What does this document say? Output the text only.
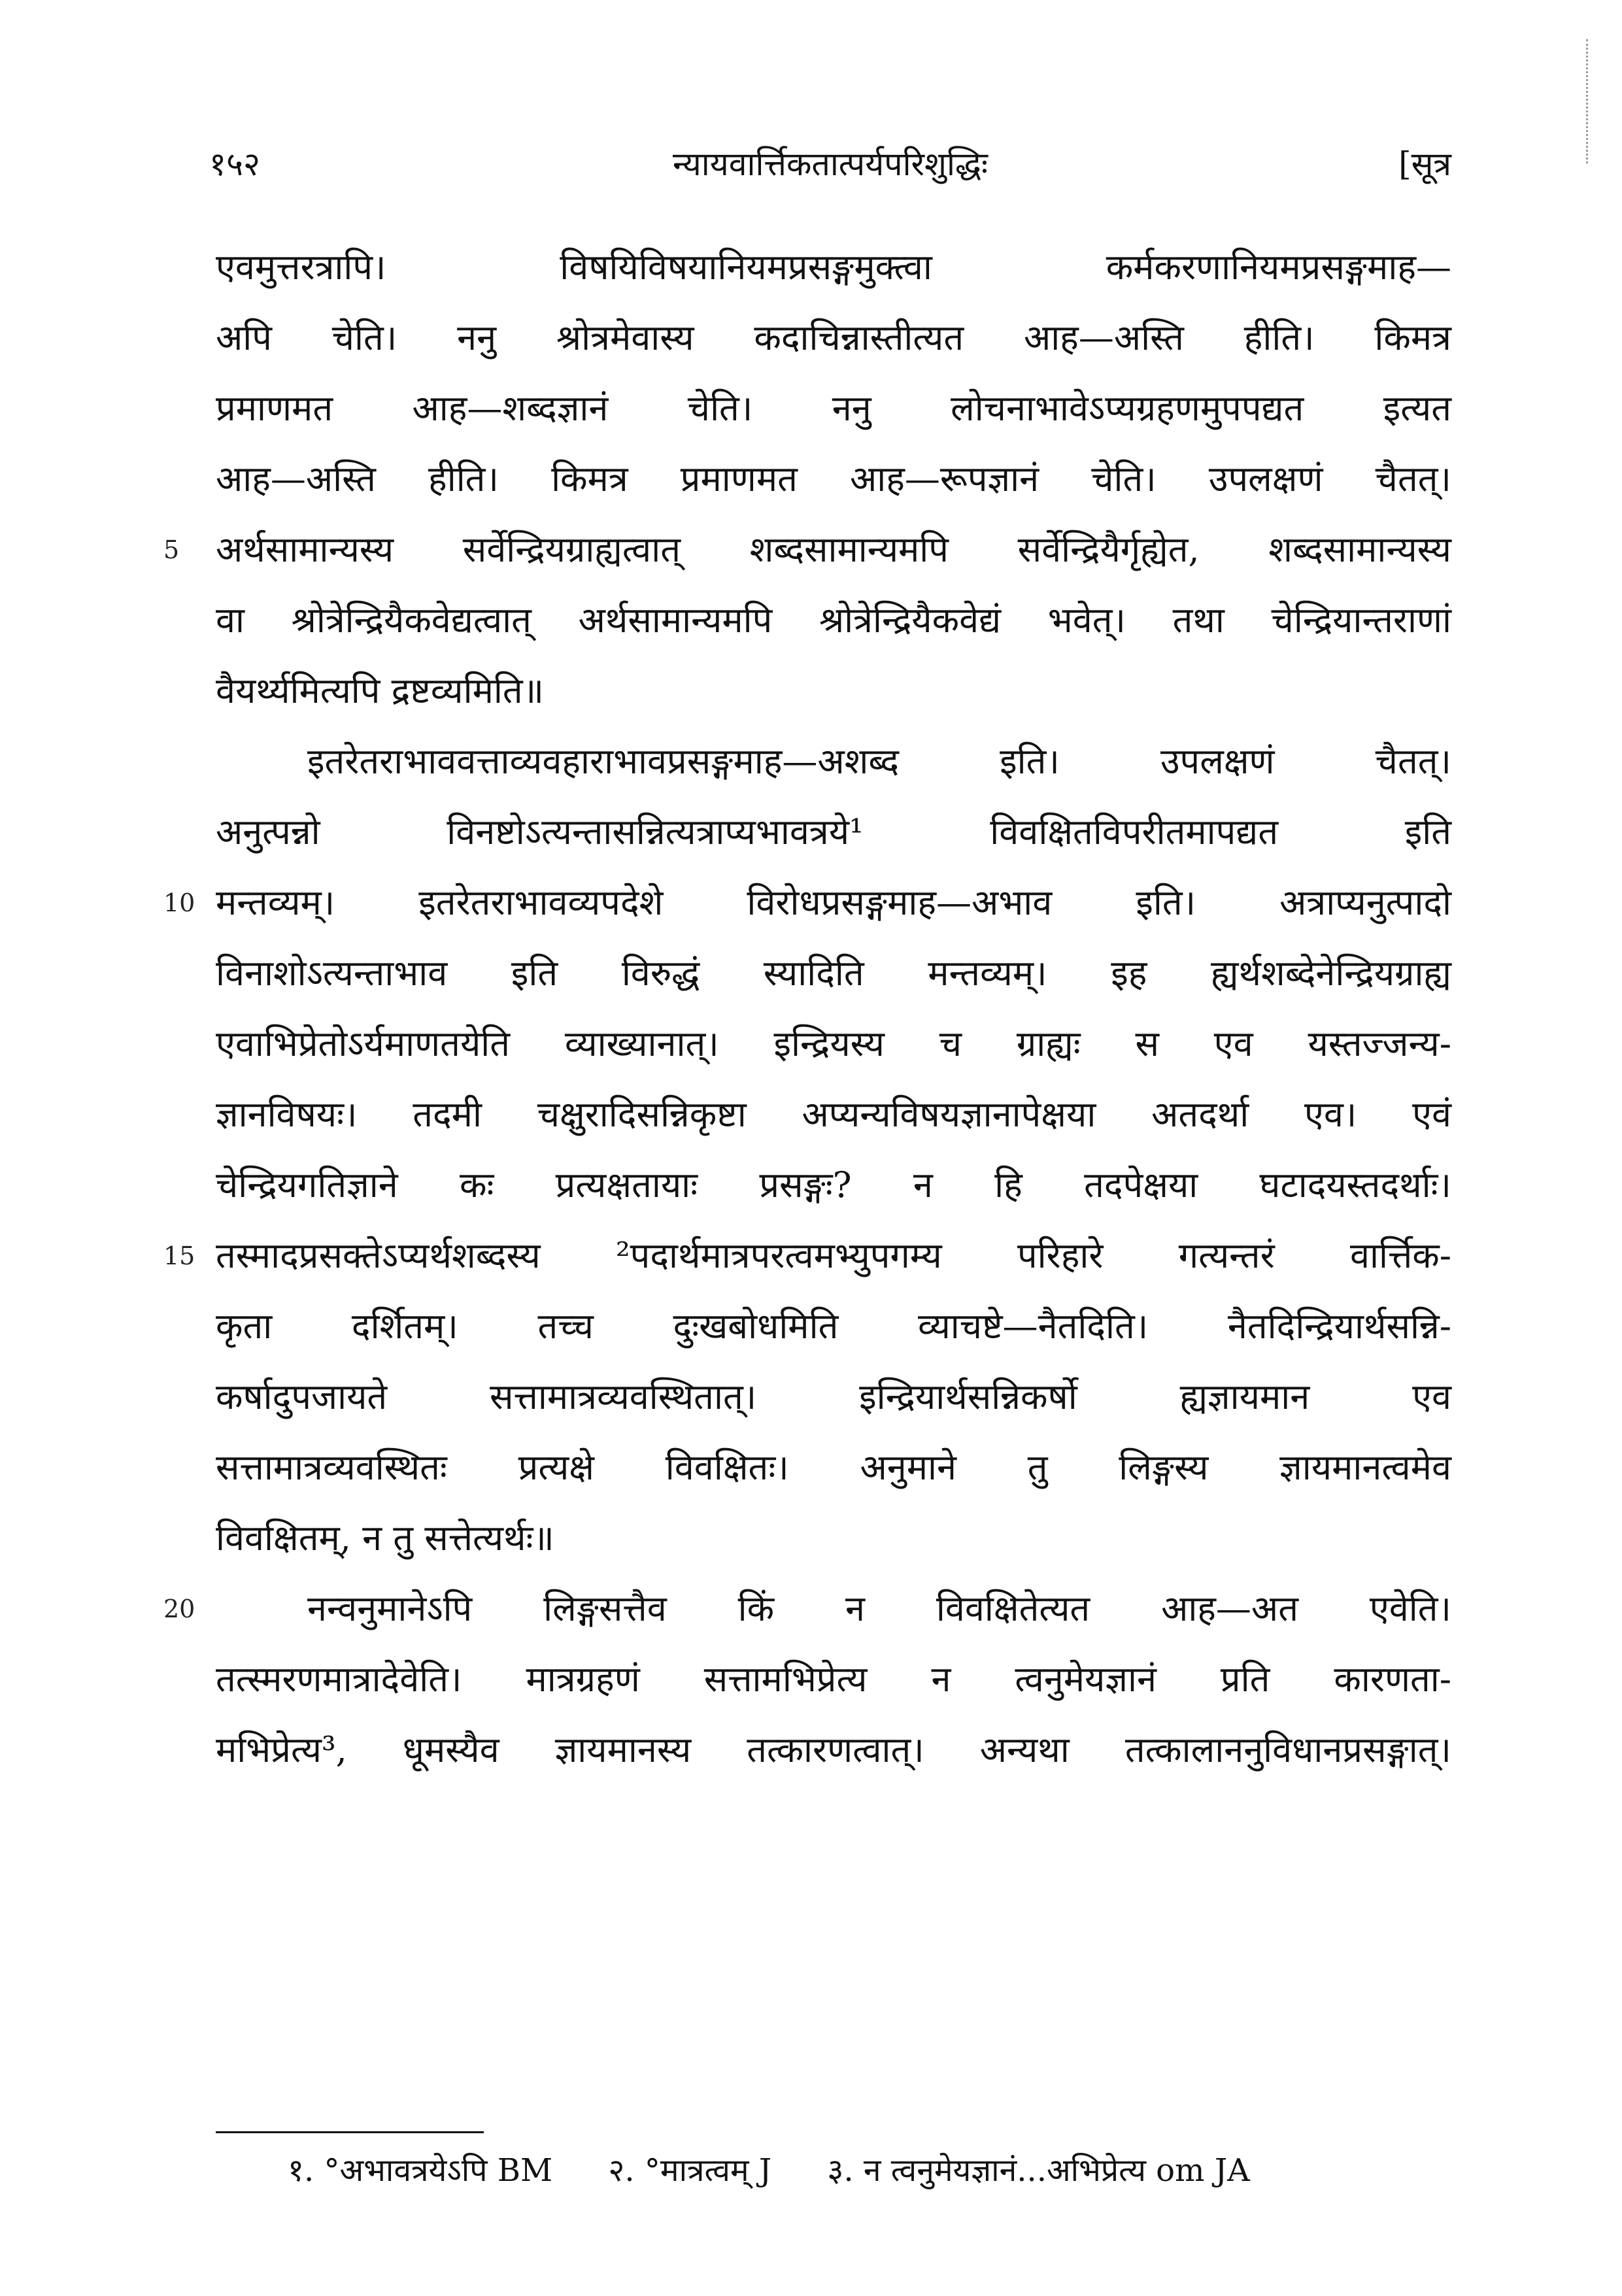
१५२	न्यायवार्त्तिकतात्पर्यपरिशुद्धिः	[सूत्र
एवमुत्तरत्रापि। विषयिविषयानियमप्रसङ्गमुक्त्वा कर्मकरणानियमप्रसङ्गमाह—
अपि चेति। ननु श्रोत्रमेवास्य कदाचिन्नास्तीत्यत आह—अस्ति हीति। किमत्र
प्रमाणमत आह—शब्दज्ञानं चेति। ननु लोचनाभावेऽप्यग्रहणमुपपद्यत इत्यत
आह—अस्ति हीति। किमत्र प्रमाणमत आह—रूपज्ञानं चेति। उपलक्षणं चैतत्।
5 अर्थसामान्यस्य सर्वेन्द्रियग्राह्यत्वात् शब्दसामान्यमपि सर्वेन्द्रियैर्गृह्येत, शब्दसामान्यस्य
वा श्रोत्रेन्द्रियैकवेद्यत्वात् अर्थसामान्यमपि श्रोत्रेन्द्रियैकवेद्यं भवेत्। तथा चेन्द्रियान्तराणां
वैयर्थ्यमित्यपि द्रष्टव्यमिति॥
इतरेतराभाववत्ताव्यवहाराभावप्रसङ्गमाह—अशब्द इति। उपलक्षणं चैतत्।
अनुत्पन्नो विनष्टोऽत्यन्तासन्नित्यत्राप्यभावत्रये¹ विवक्षितविपरीतमापद्यत इति
10 मन्तव्यम्। इतरेतराभावव्यपदेशे विरोधप्रसङ्गमाह—अभाव इति। अत्राप्यनुत्पादो
विनाशोऽत्यन्ताभाव इति विरुद्धं स्यादिति मन्तव्यम्। इह ह्यर्थशब्देनेन्द्रियग्राह्य
एवाभिप्रेतोऽर्यमाणतयेति व्याख्यानात्। इन्द्रियस्य च ग्राह्यः स एव यस्तज्जन्य-
ज्ञानविषयः। तदमी चक्षुरादिसन्निकृष्टा अप्यन्यविषयज्ञानापेक्षया अतदर्था एव। एवं
चेन्द्रियगतिज्ञाने कः प्रत्यक्षतायाः प्रसङ्गः? न हि तदपेक्षया घटादयस्तदर्थाः।
15 तस्मादप्रसक्तेऽप्यर्थशब्दस्य ²पदार्थमात्रपरत्वमभ्युपगम्य परिहारे गत्यन्तरं वार्त्तिक-
कृता दर्शितम्। तच्च दुःखबोधमिति व्याचष्टे—नैतदिति। नैतदिन्द्रियार्थसन्नि-
कर्षादुपजायते सत्तामात्रव्यवस्थितात्। इन्द्रियार्थसन्निकर्षो ह्यज्ञायमान एव
सत्तामात्रव्यवस्थितः प्रत्यक्षे विवक्षितः। अनुमाने तु लिङ्गस्य ज्ञायमानत्वमेव
विवक्षितम्, न तु सत्तेत्यर्थः॥
20	नन्वनुमानेऽपि लिङ्गसत्तैव किं न विवक्षितेत्यत आह—अत एवेति।
तत्स्मरणमात्रादेवेति। मात्रग्रहणं सत्तामभिप्रेत्य न त्वनुमेयज्ञानं प्रति कारणता-
मभिप्रेत्य³, धूमस्यैव ज्ञायमानस्य तत्कारणत्वात्। अन्यथा तत्कालाननुविधानप्रसङ्गात्।
१. °अभावत्रयेऽपि BM २. °मात्रत्वम् J ३. न त्वनुमेयज्ञानं...अभिप्रेत्य om JA
